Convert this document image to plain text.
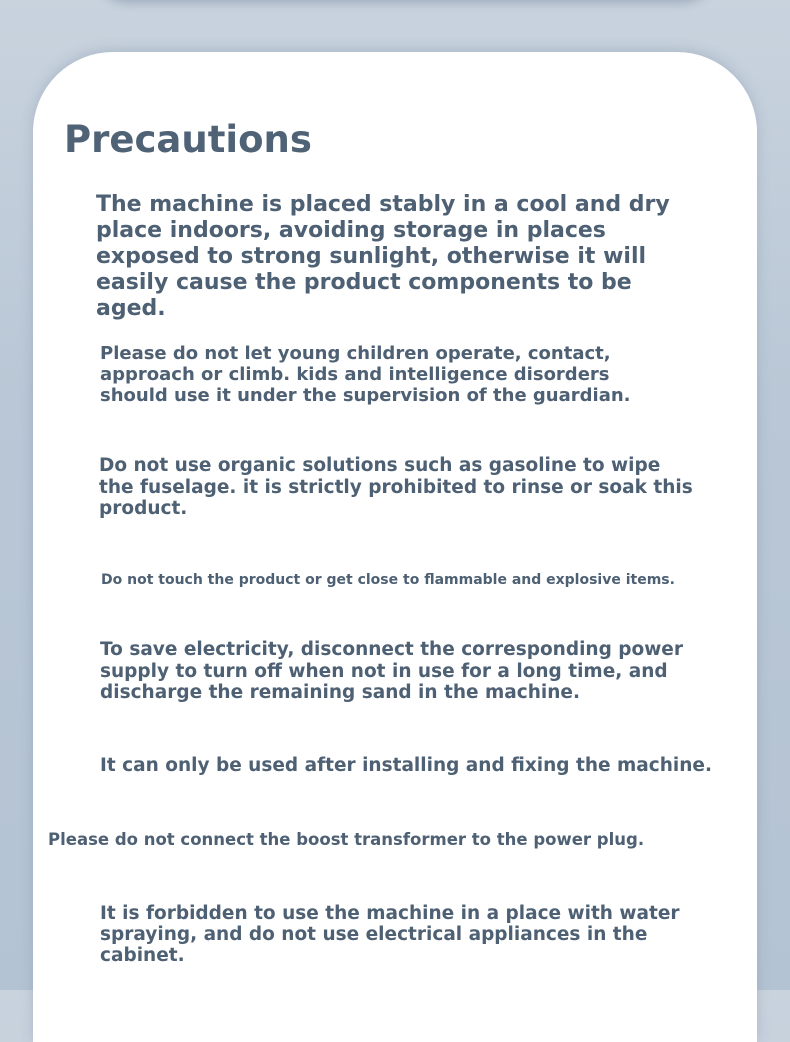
Precautions

The machine is placed stably in a cool and dry place indoors, avoiding storage in places exposed to strong sunlight, otherwise it will easily cause the product components to be aged.

Please do not let young children operate, contact, approach or climb. kids and intelligence disorders should use it under the supervision of the guardian.

Do not use organic solutions such as gasoline to wipe the fuselage. it is strictly prohibited to rinse or soak this product.

Do not touch the product or get close to flammable and explosive items.

To save electricity, disconnect the corresponding power supply to turn off when not in use for a long time, and discharge the remaining sand in the machine.

It can only be used after installing and fixing the machine.

Please do not connect the boost transformer to the power plug.

It is forbidden to use the machine in a place with water spraying, and do not use electrical appliances in the cabinet.
